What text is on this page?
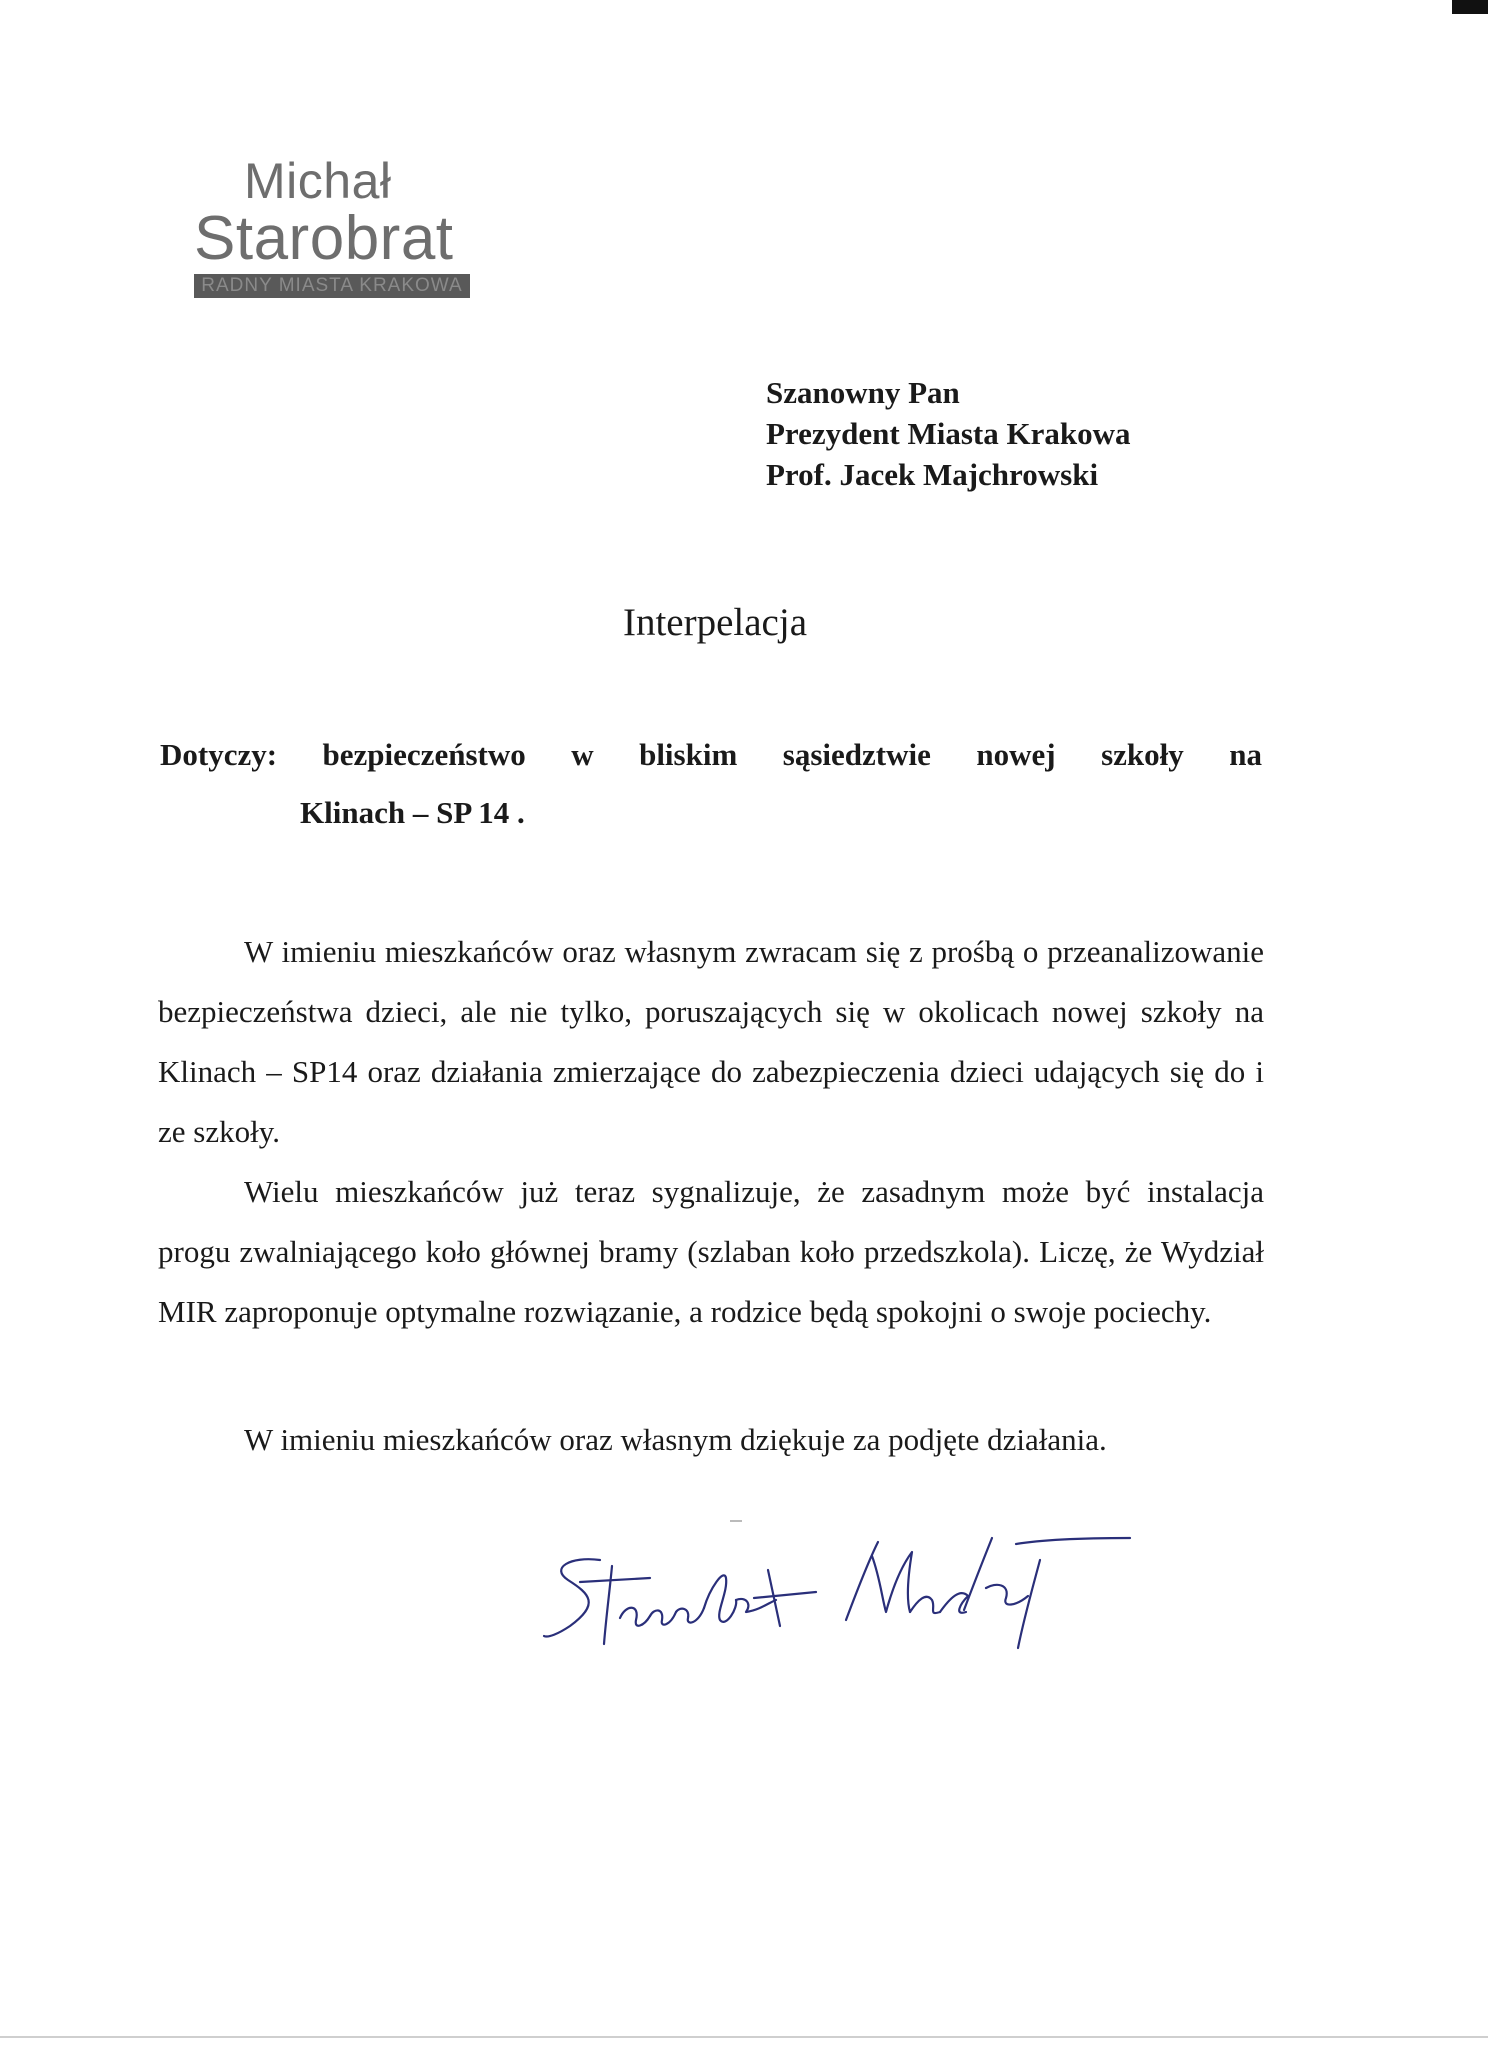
Michał
Starobrat
RADNY MIASTA KRAKOWA
Szanowny Pan
Prezydent Miasta Krakowa
Prof. Jacek Majchrowski
Interpelacja
Dotyczy: bezpieczeństwo w bliskim sąsiedztwie nowej szkoły na
Klinach – SP 14 .

W imieniu mieszkańców oraz własnym zwracam się z prośbą o przeanalizowanie bezpieczeństwa dzieci, ale nie tylko, poruszających się w okolicach nowej szkoły na Klinach – SP14 oraz działania zmierzające do zabezpieczenia dzieci udających się do i ze szkoły.

Wielu mieszkańców już teraz sygnalizuje, że zasadnym może być instalacja progu zwalniającego koło głównej bramy (szlaban koło przedszkola). Liczę, że Wydział MIR zaproponuje optymalne rozwiązanie, a rodzice będą spokojni o swoje pociechy.

W imieniu mieszkańców oraz własnym dziękuje za podjęte działania.
